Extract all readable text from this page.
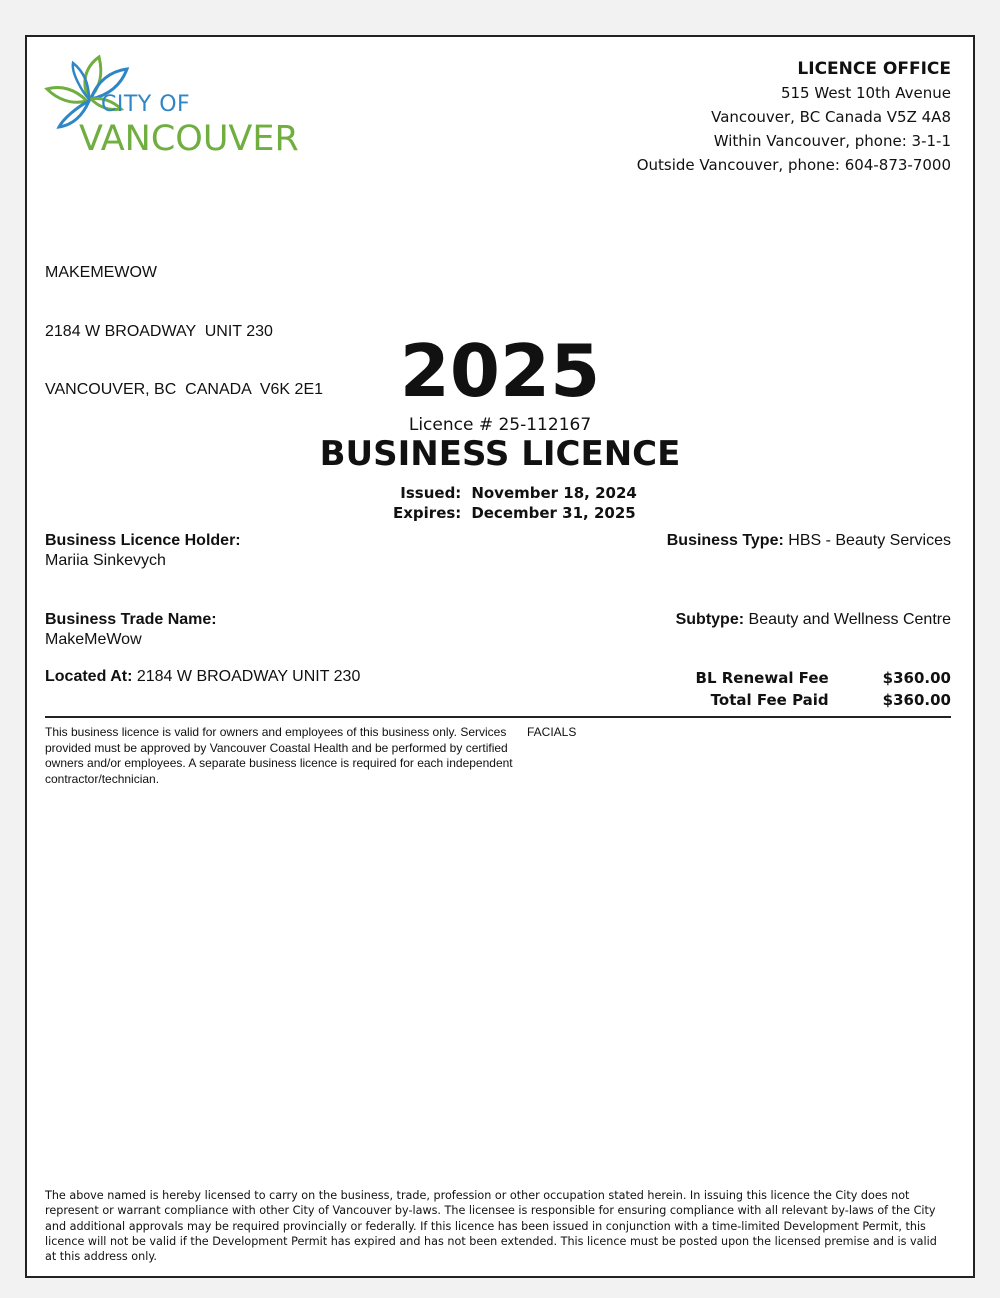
CITY OF
VANCOUVER
LICENCE OFFICE
515 West 10th Avenue
Vancouver, BC Canada V5Z 4A8
Within Vancouver, phone: 3-1-1
Outside Vancouver, phone: 604-873-7000

MAKEMEWOW

2184 W BROADWAY  UNIT 230

VANCOUVER, BC  CANADA  V6K 2E1

	2025
Licence # 25-112167
BUSINESS LICENCE
Issued:	November 18, 2024
Expires:	December 31, 2025
Business Licence Holder:
Mariia Sinkevych
Business Type: HBS - Beauty Services
Business Trade Name:
MakeMeWow
Subtype: Beauty and Wellness Centre
Located At: 2184 W BROADWAY UNIT 230	BL Renewal Fee	$360.00
Total Fee Paid	$360.00
This business licence is valid for owners and employees of this business only. Services provided must be approved by Vancouver Coastal Health and be performed by certified owners and/or employees. A separate business licence is required for each independent contractor/technician.
FACIALS
The above named is hereby licensed to carry on the business, trade, profession or other occupation stated herein. In issuing this licence the City does not represent or warrant compliance with other City of Vancouver by-laws. The licensee is responsible for ensuring compliance with all relevant by-laws of the City and additional approvals may be required provincially or federally. If this licence has been issued in conjunction with a time-limited Development Permit, this licence will not be valid if the Development Permit has expired and has not been extended. This licence must be posted upon the licensed premise and is valid at this address only.
